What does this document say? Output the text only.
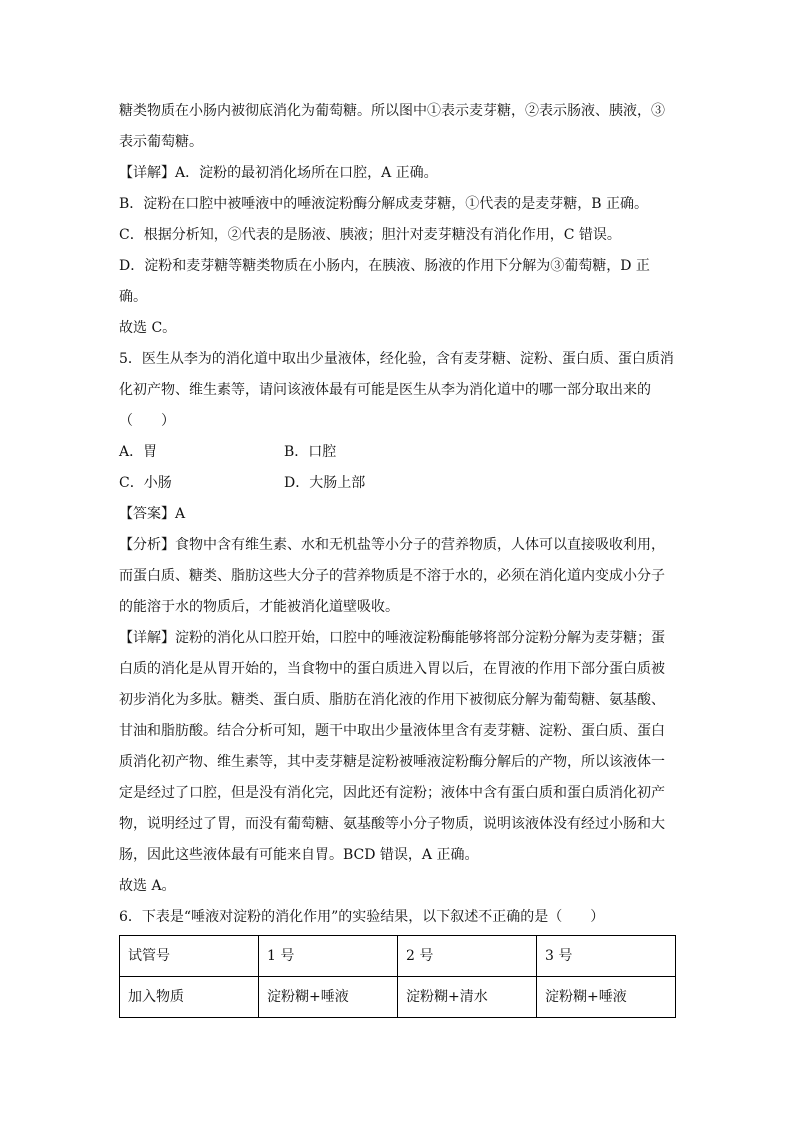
糖类物质在小肠内被彻底消化为葡萄糖。所以图中①表示麦芽糖，②表示肠液、胰液，③

表示葡萄糖。

【详解】A．淀粉的最初消化场所在口腔，A 正确。

B．淀粉在口腔中被唾液中的唾液淀粉酶分解成麦芽糖，①代表的是麦芽糖，B 正确。

C．根据分析知，②代表的是肠液、胰液；胆汁对麦芽糖没有消化作用，C 错误。

D．淀粉和麦芽糖等糖类物质在小肠内，在胰液、肠液的作用下分解为③葡萄糖，D 正

确。

故选 C。

5．医生从李为的消化道中取出少量液体，经化验，含有麦芽糖、淀粉、蛋白质、蛋白质消

化初产物、维生素等，请问该液体最有可能是医生从李为消化道中的哪一部分取出来的

（　　）

A．胃	B．口腔
C．小肠	D．大肠上部

【答案】A

【分析】食物中含有维生素、水和无机盐等小分子的营养物质，人体可以直接吸收利用，

而蛋白质、糖类、脂肪这些大分子的营养物质是不溶于水的，必须在消化道内变成小分子

的能溶于水的物质后，才能被消化道壁吸收。

【详解】淀粉的消化从口腔开始，口腔中的唾液淀粉酶能够将部分淀粉分解为麦芽糖；蛋

白质的消化是从胃开始的，当食物中的蛋白质进入胃以后，在胃液的作用下部分蛋白质被

初步消化为多肽。糖类、蛋白质、脂肪在消化液的作用下被彻底分解为葡萄糖、氨基酸、

甘油和脂肪酸。结合分析可知，题干中取出少量液体里含有麦芽糖、淀粉、蛋白质、蛋白

质消化初产物、维生素等，其中麦芽糖是淀粉被唾液淀粉酶分解后的产物，所以该液体一

定是经过了口腔，但是没有消化完，因此还有淀粉；液体中含有蛋白质和蛋白质消化初产

物，说明经过了胃，而没有葡萄糖、氨基酸等小分子物质，说明该液体没有经过小肠和大

肠，因此这些液体最有可能来自胃。BCD 错误，A 正确。

故选 A。

6．下表是“唾液对淀粉的消化作用”的实验结果，以下叙述不正确的是（　　）

试管号	1 号	2 号	3 号
加入物质	淀粉糊+唾液	淀粉糊+清水	淀粉糊+唾液
